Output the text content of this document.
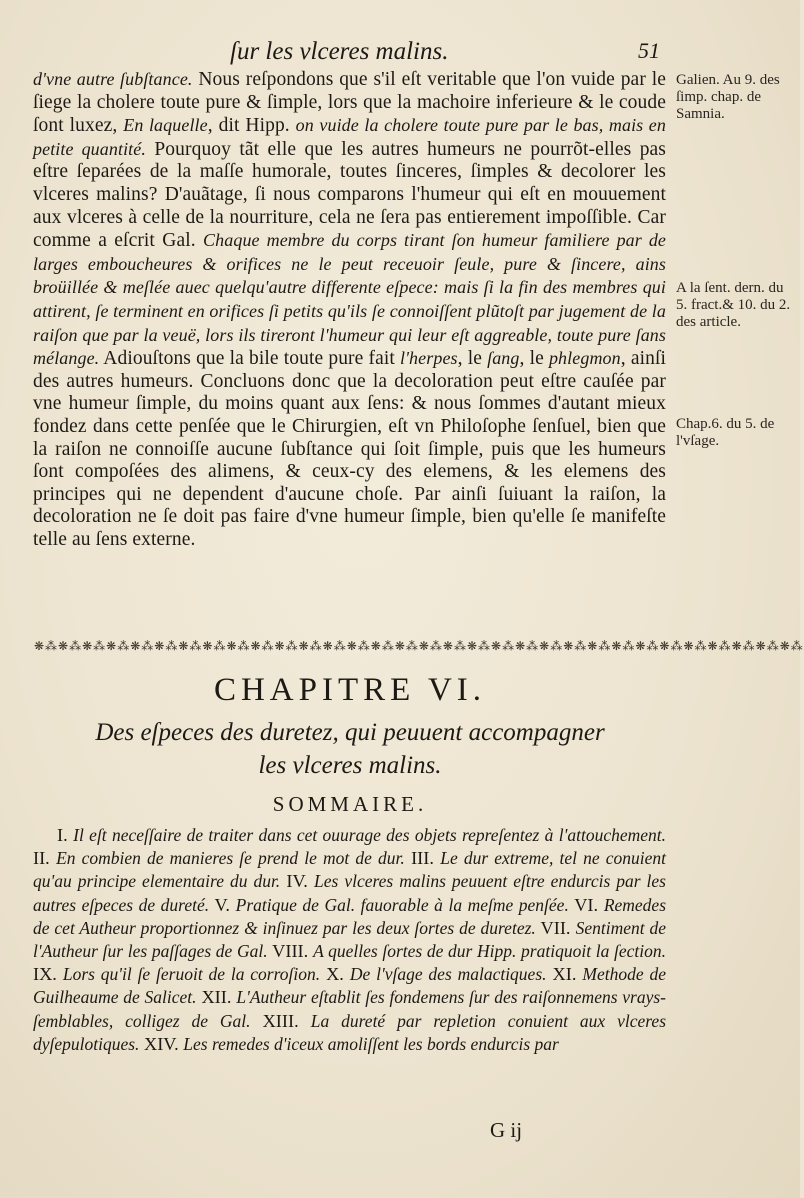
ſur les vlceres malins.	51

d'vne autre ſubſtance. Nous reſpondons que s'il eſt veritable que l'on vuide par le ſiege la cholere toute pure & ſimple, lors que la machoire inferieure & le coude ſont luxez, En laquelle, dit Hipp. on vuide la cholere toute pure par le bas, mais en petite quantité. Pourquoy tãt elle que les autres humeurs ne pourrõt-elles pas eſtre ſeparées de la maſſe humorale, toutes ſinceres, ſimples & decolorer les vlceres malins? D'auãtage, ſi nous comparons l'humeur qui eſt en mouuement aux vlceres à celle de la nourriture, cela ne ſera pas entierement impoſſible. Car comme a eſcrit Gal. Chaque membre du corps tirant ſon humeur familiere par de larges emboucheures & orifices ne le peut receuoir ſeule, pure & ſincere, ains broüillée & meſlée auec quelqu'autre differente eſpece: mais ſi la fin des membres qui attirent, ſe terminent en orifices ſi petits qu'ils ſe connoiſſent plũtoſt par jugement de la raiſon que par la veuë, lors ils tireront l'humeur qui leur eſt aggreable, toute pure ſans mélange. Adiouſtons que la bile toute pure fait l'herpes, le ſang, le phlegmon, ainſi des autres humeurs. Concluons donc que la decoloration peut eſtre cauſée par vne humeur ſimple, du moins quant aux ſens: & nous ſommes d'autant mieux fondez dans cette penſée que le Chirurgien, eſt vn Philoſophe ſenſuel, bien que la raiſon ne connoiſſe aucune ſubſtance qui ſoit ſimple, puis que les humeurs ſont compoſées des alimens, & ceux-cy des elemens, & les elemens des principes qui ne dependent d'aucune choſe. Par ainſi ſuiuant la raiſon, la decoloration ne ſe doit pas faire d'vne humeur ſimple, bien qu'elle ſe manifeſte telle au ſens externe.

Galien. Au 9. des ſimp. chap. de Samnia.
A la ſent. dern. du 5. fract.& 10. du 2. des article.
Chap.6. du 5. de l'vſage.
❋⁂❋⁂❋⁂❋⁂❋⁂❋⁂❋⁂❋⁂❋⁂❋⁂❋⁂❋⁂❋⁂❋⁂❋⁂❋⁂❋⁂❋⁂❋⁂❋⁂❋⁂❋⁂❋⁂❋⁂❋⁂❋⁂❋⁂❋⁂❋⁂❋⁂❋⁂❋⁂
CHAPITRE VI.
Des eſpeces des duretez, qui peuuent accompagner les vlceres malins.
SOMMAIRE.
I. Il eſt neceſſaire de traiter dans cet ouurage des objets repreſentez à l'attouchement. II. En combien de manieres ſe prend le mot de dur. III. Le dur extreme, tel ne conuient qu'au principe elementaire du dur. IV. Les vlceres malins peuuent eſtre endurcis par les autres eſpeces de dureté. V. Pratique de Gal. fauorable à la meſme penſée. VI. Remedes de cet Autheur proportionnez & inſinuez par les deux ſortes de duretez. VII. Sentiment de l'Autheur ſur les paſſages de Gal. VIII. A quelles ſortes de dur Hipp. pratiquoit la ſection. IX. Lors qu'il ſe ſeruoit de la corroſion. X. De l'vſage des malactiques. XI. Methode de Guilheaume de Salicet. XII. L'Autheur eſtablit ſes fondemens ſur des raiſonnemens vrays-ſemblables, colligez de Gal. XIII. La dureté par repletion conuient aux vlceres dyſepulotiques. XIV. Les remedes d'iceux amoliſſent les bords endurcis par
G ij
